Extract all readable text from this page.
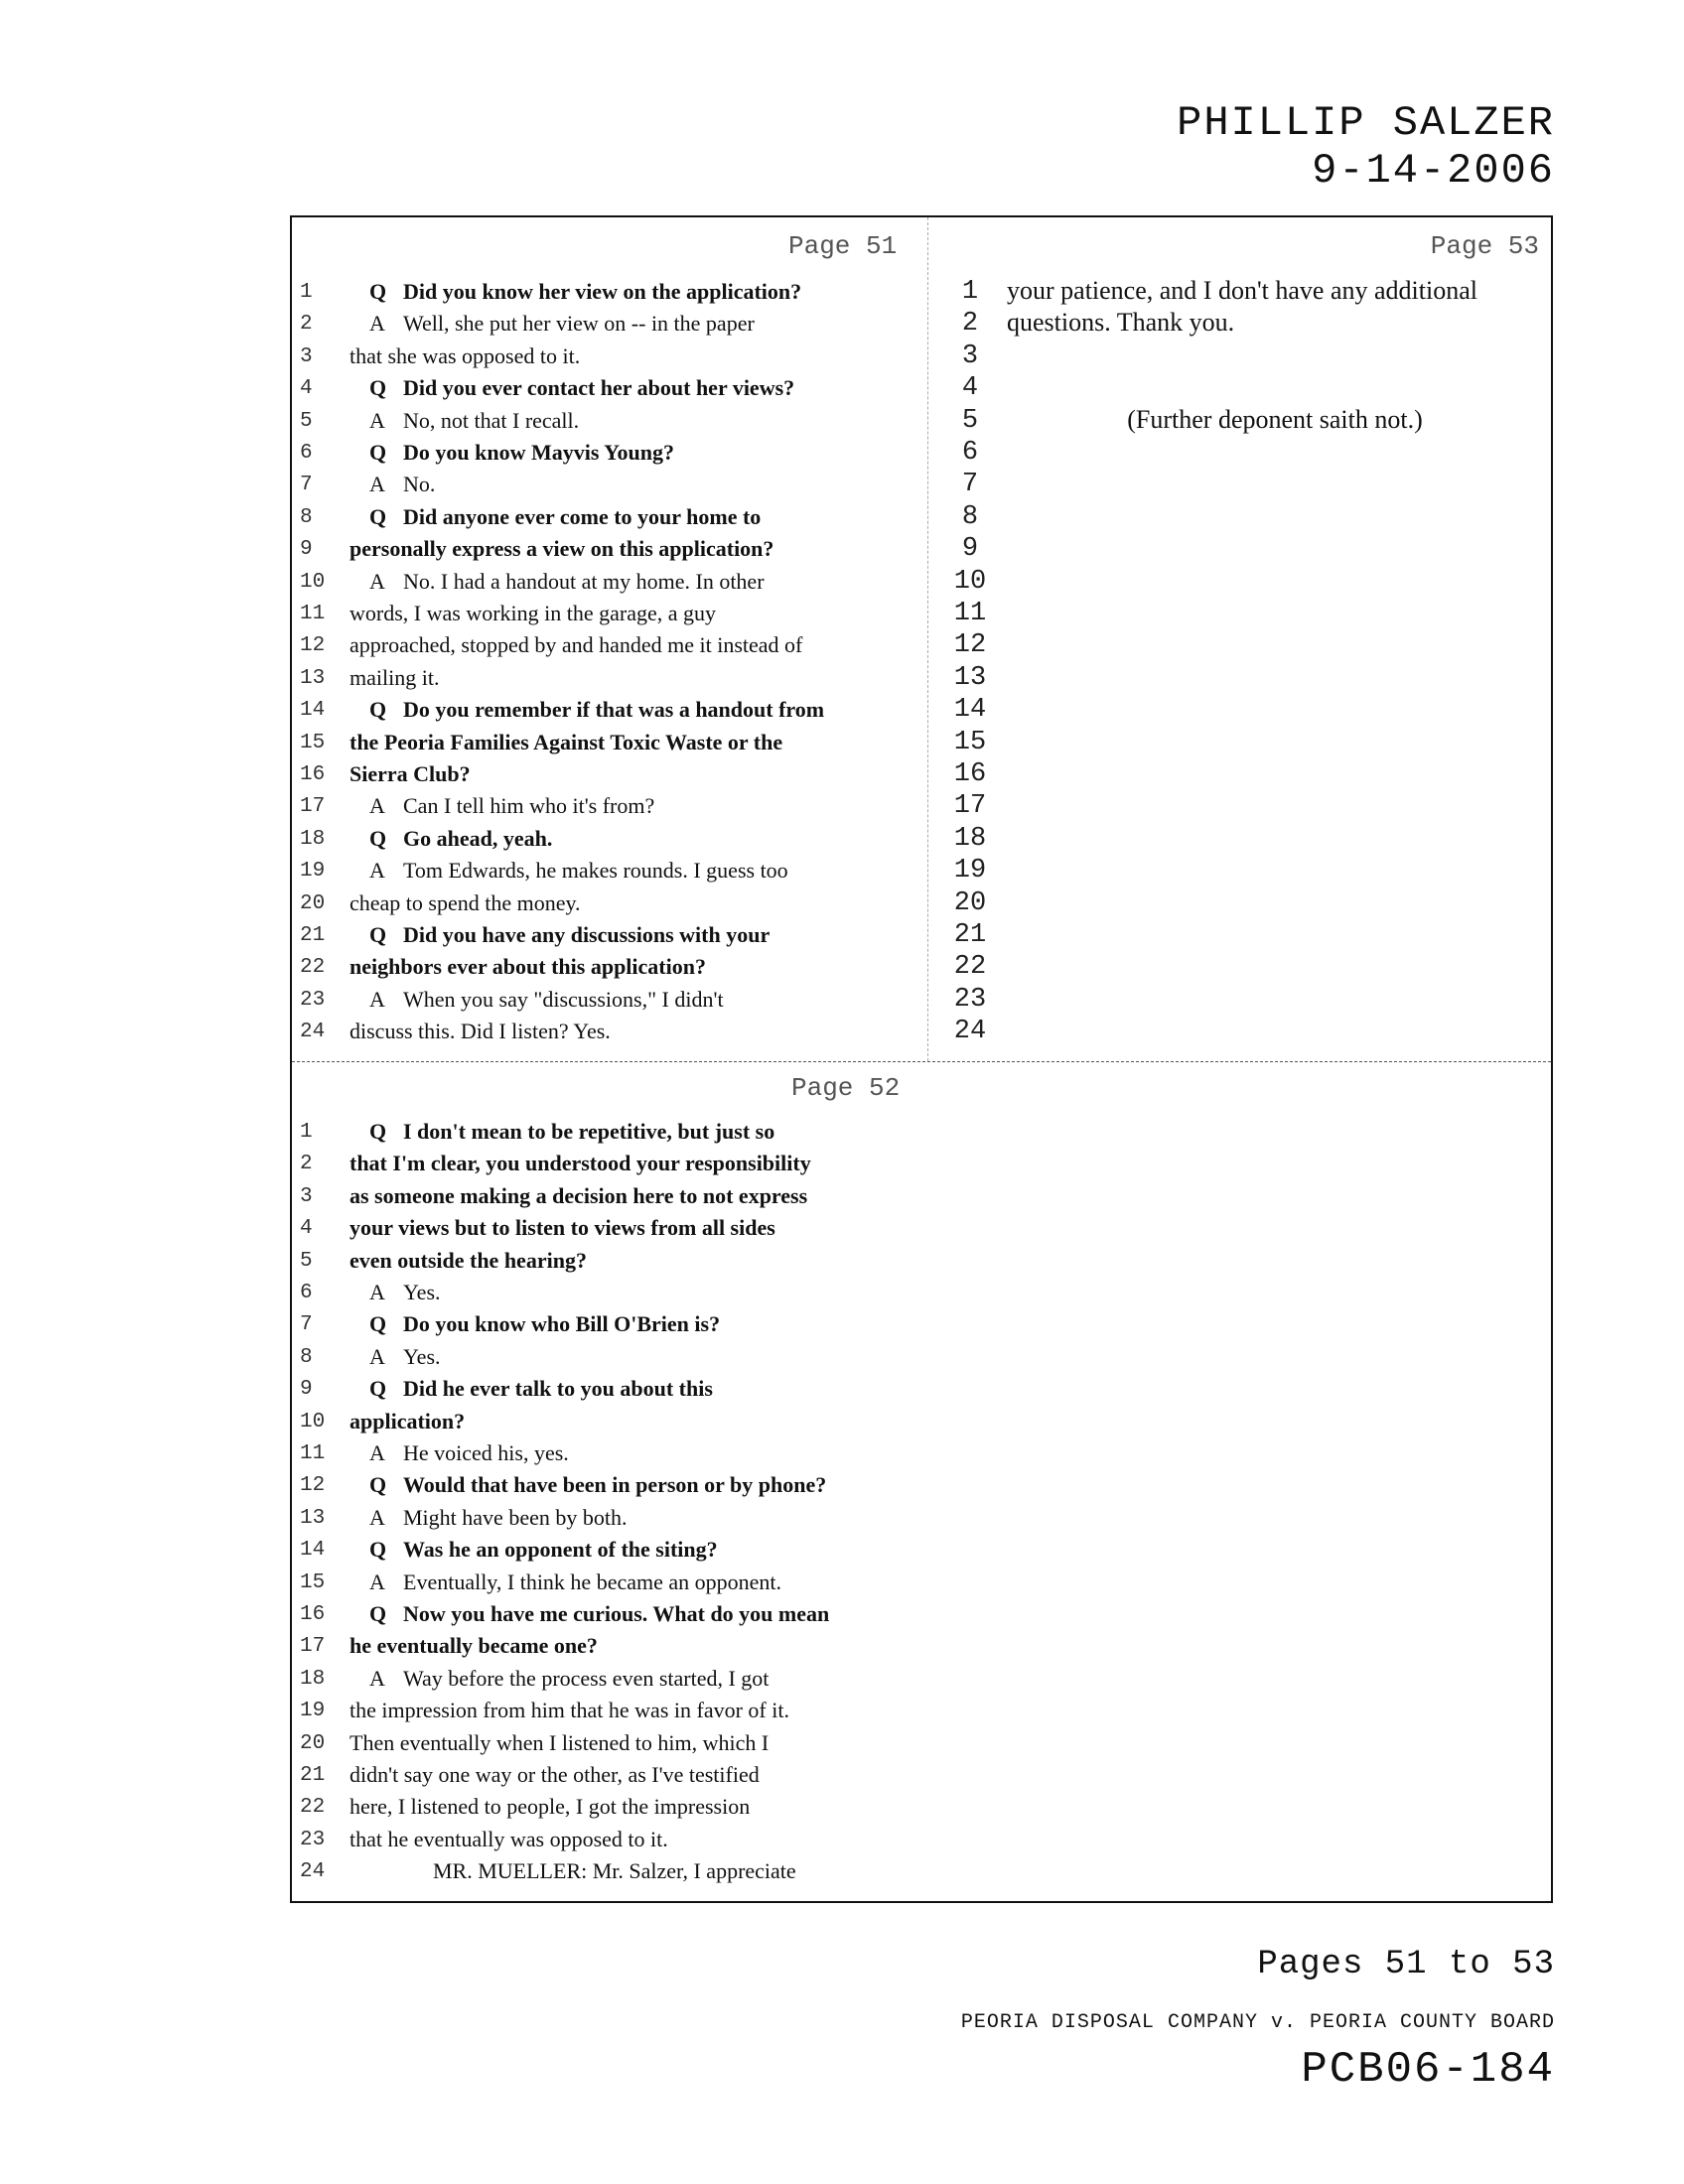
PHILLIP SALZER
9-14-2006
Page 51	Page 53
Page 52
1	Q Did you know her view on the application?
2	A Well, she put her view on -- in the paper
3	that she was opposed to it.
4	Q Did you ever contact her about her views?
5	A No, not that I recall.
6	Q Do you know Mayvis Young?
7	A No.
8	Q Did anyone ever come to your home to
9	personally express a view on this application?
10	A No. I had a handout at my home. In other
11	words, I was working in the garage, a guy
12	approached, stopped by and handed me it instead of
13	mailing it.
14	Q Do you remember if that was a handout from
15	the Peoria Families Against Toxic Waste or the
16	Sierra Club?
17	A Can I tell him who it's from?
18	Q Go ahead, yeah.
19	A Tom Edwards, he makes rounds. I guess too
20	cheap to spend the money.
21	Q Did you have any discussions with your
22	neighbors ever about this application?
23	A When you say "discussions," I didn't
24	discuss this. Did I listen? Yes.
1	Q I don't mean to be repetitive, but just so
2	that I'm clear, you understood your responsibility
3	as someone making a decision here to not express
4	your views but to listen to views from all sides
5	even outside the hearing?
6	A Yes.
7	Q Do you know who Bill O'Brien is?
8	A Yes.
9	Q Did he ever talk to you about this
10	application?
11	A He voiced his, yes.
12	Q Would that have been in person or by phone?
13	A Might have been by both.
14	Q Was he an opponent of the siting?
15	A Eventually, I think he became an opponent.
16	Q Now you have me curious. What do you mean
17	he eventually became one?
18	A Way before the process even started, I got
19	the impression from him that he was in favor of it.
20	Then eventually when I listened to him, which I
21	didn't say one way or the other, as I've testified
22	here, I listened to people, I got the impression
23	that he eventually was opposed to it.
24	MR. MUELLER: Mr. Salzer, I appreciate
1
2
3
4
5
6
7
8
9
10
11
12
13
14
15
16
17
18
19
20
21
22
23
24
your patience, and I don't have any additional
questions. Thank you.
(Further deponent saith not.)
Pages 51 to 53
PEORIA DISPOSAL COMPANY v. PEORIA COUNTY BOARD
PCB06-184
